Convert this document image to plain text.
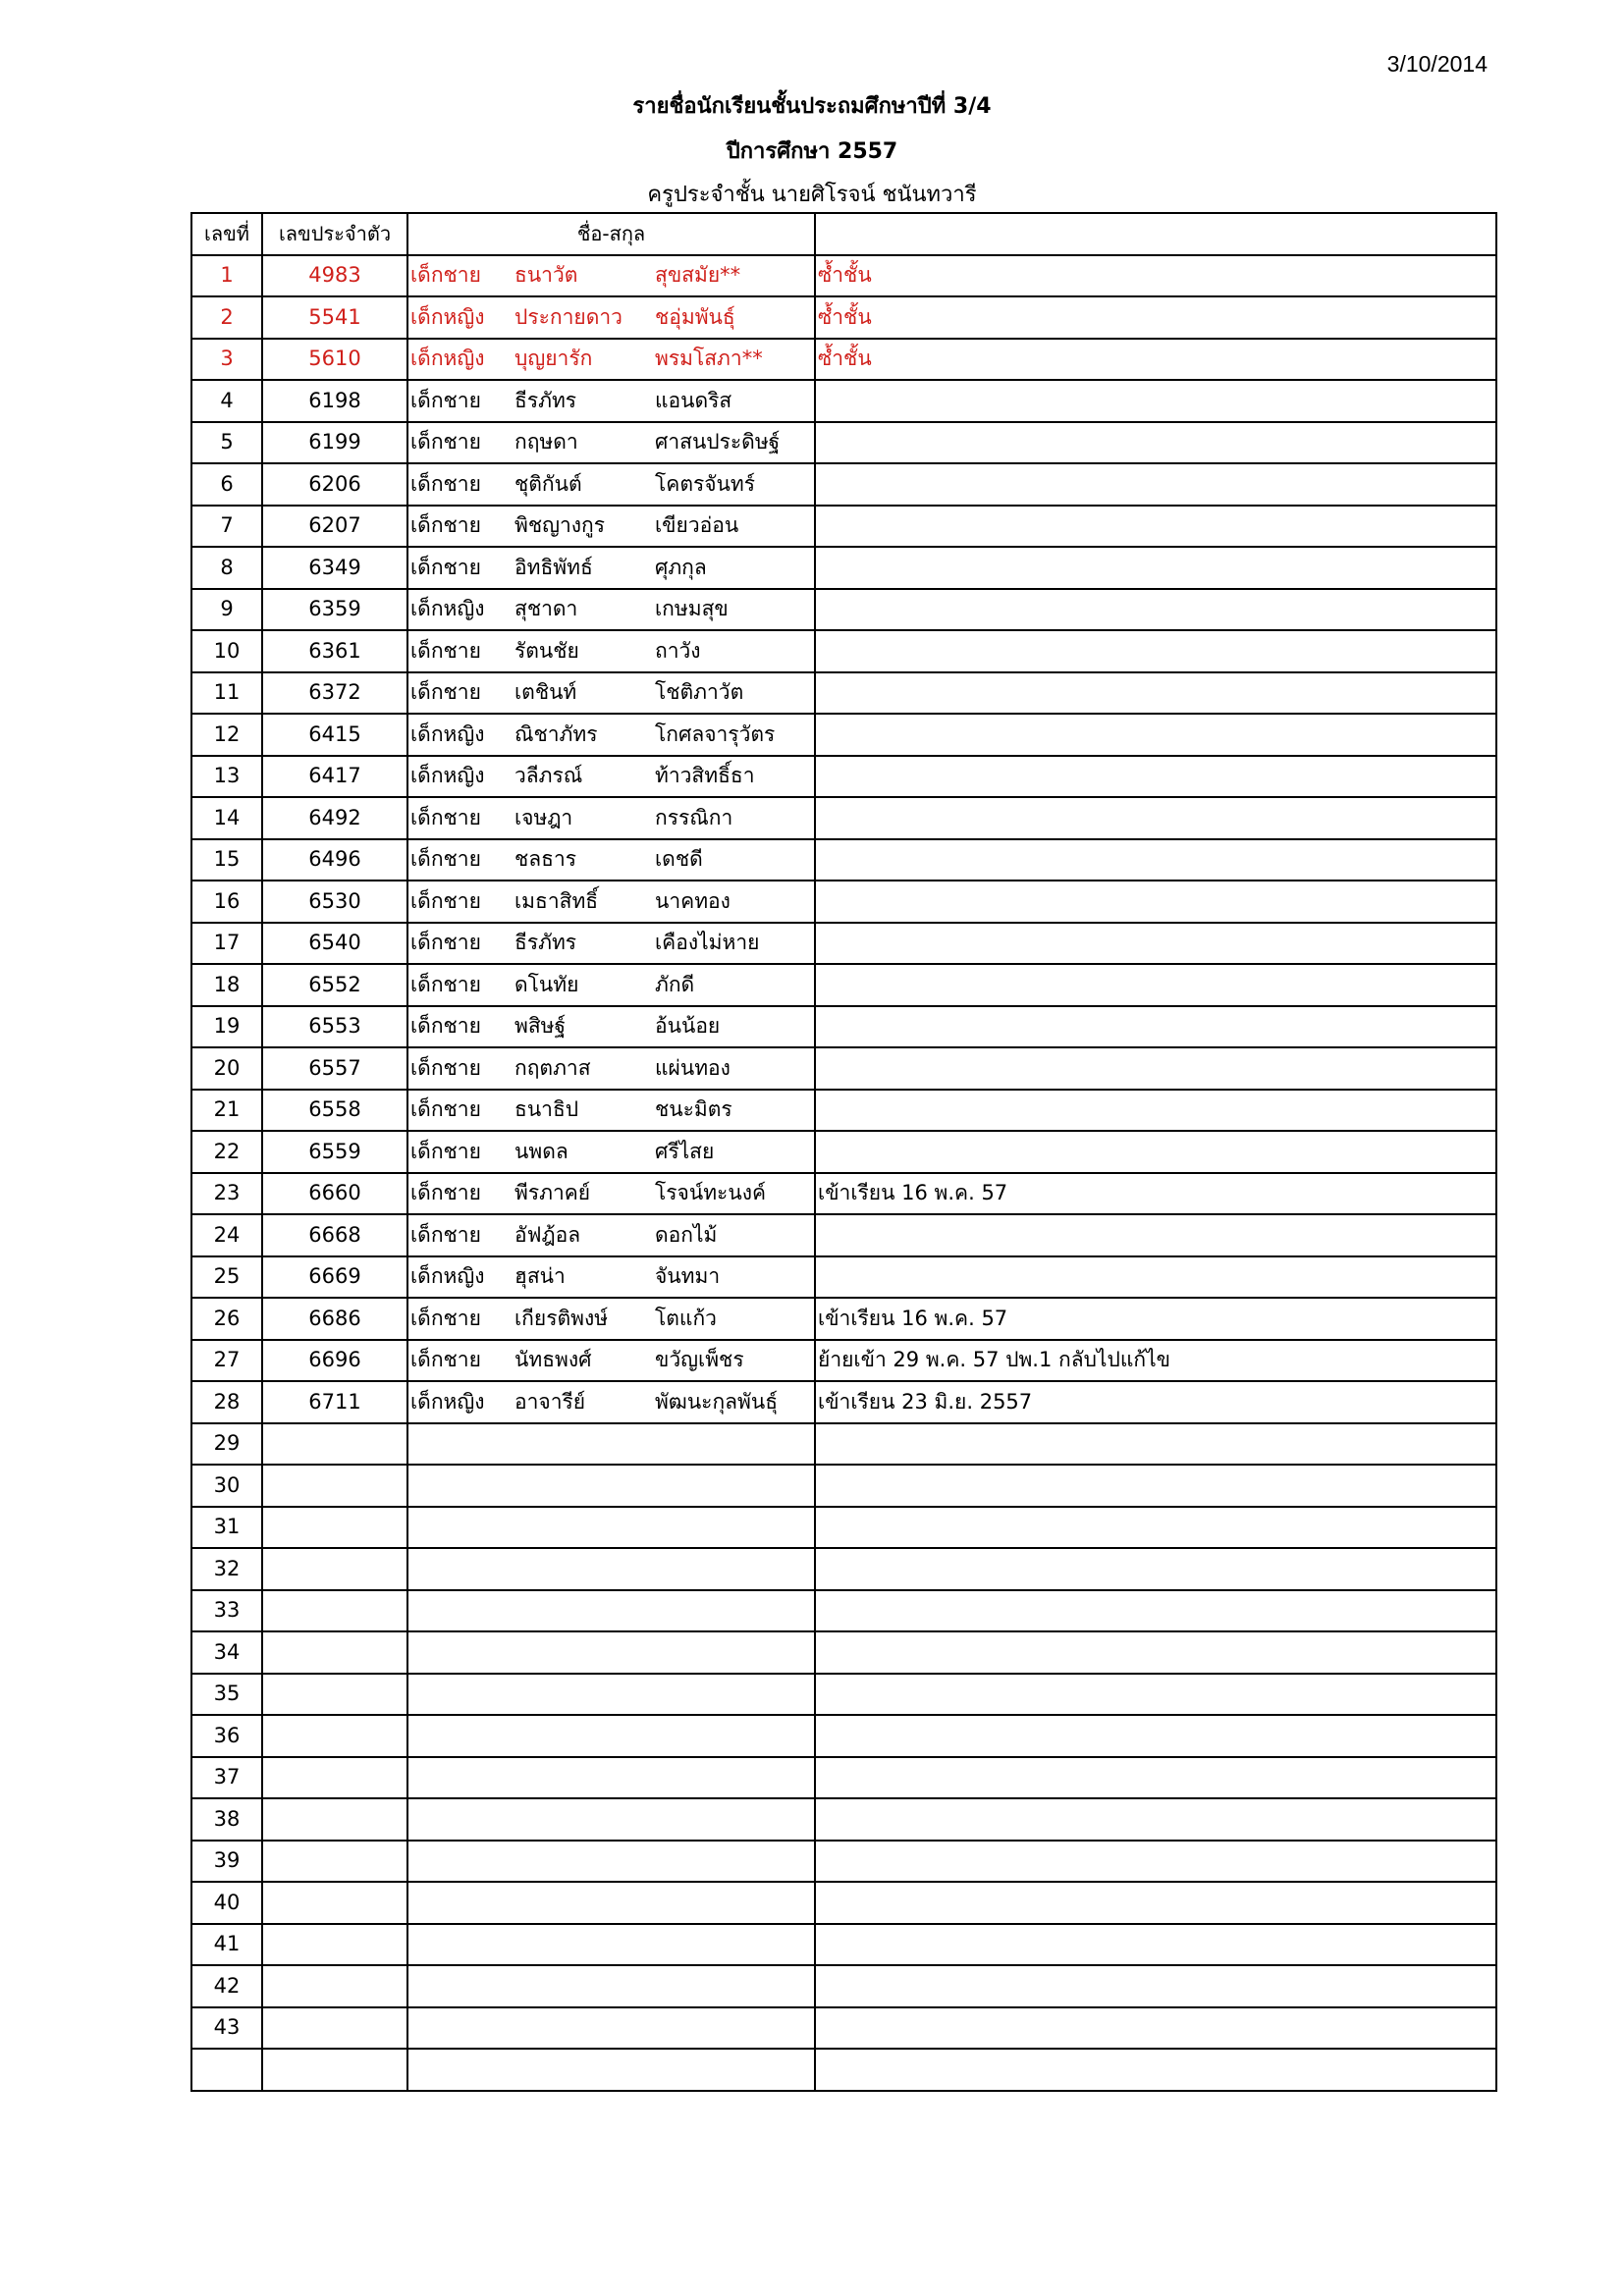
3/10/2014
รายชื่อนักเรียนชั้นประถมศึกษาปีที่ 3/4
ปีการศึกษา 2557
ครูประจำชั้น นายศิโรจน์ ชนันทวารี
เลขที่	เลขประจำตัว	ชื่อ-สกุล			
1	4983	เด็กชาย	ธนาวัต	สุขสมัย**	ซ้ำชั้น
2	5541	เด็กหญิง	ประกายดาว	ชอุ่มพันธุ์	ซ้ำชั้น
3	5610	เด็กหญิง	บุญยารัก	พรมโสภา**	ซ้ำชั้น
4	6198	เด็กชาย	ธีรภัทร	แอนดริส	
5	6199	เด็กชาย	กฤษดา	ศาสนประดิษฐ์	
6	6206	เด็กชาย	ชุติกันต์	โคตรจันทร์	
7	6207	เด็กชาย	พิชญางกูร	เขียวอ่อน	
8	6349	เด็กชาย	อิทธิพัทธ์	ศุภกุล	
9	6359	เด็กหญิง	สุชาดา	เกษมสุข	
10	6361	เด็กชาย	รัตนชัย	ถาวัง	
11	6372	เด็กชาย	เตชินท์	โชติภาวัต	
12	6415	เด็กหญิง	ณิชาภัทร	โกศลจารุวัตร	
13	6417	เด็กหญิง	วลีภรณ์	ท้าวสิทธิ์ธา	
14	6492	เด็กชาย	เจษฎา	กรรณิกา	
15	6496	เด็กชาย	ชลธาร	เดชดี	
16	6530	เด็กชาย	เมธาสิทธิ์	นาคทอง	
17	6540	เด็กชาย	ธีรภัทร	เคืองไม่หาย	
18	6552	เด็กชาย	ดโนทัย	ภักดี	
19	6553	เด็กชาย	พสิษฐ์	อ้นน้อย	
20	6557	เด็กชาย	กฤตภาส	แผ่นทอง	
21	6558	เด็กชาย	ธนาธิป	ชนะมิตร	
22	6559	เด็กชาย	นพดล	ศรีไสย	
23	6660	เด็กชาย	พีรภาคย์	โรจน์ทะนงค์	เข้าเรียน 16 พ.ค. 57
24	6668	เด็กชาย	อัฟฎ้อล	ดอกไม้	
25	6669	เด็กหญิง	ฮุสน่า	จันทมา	
26	6686	เด็กชาย	เกียรติพงษ์	โตแก้ว	เข้าเรียน 16 พ.ค. 57
27	6696	เด็กชาย	นัทธพงศ์	ขวัญเพ็ชร	ย้ายเข้า 29 พ.ค. 57 ปพ.1 กลับไปแก้ไข
28	6711	เด็กหญิง	อาจารีย์	พัฒนะกุลพันธุ์	เข้าเรียน 23 มิ.ย. 2557
29					
30					
31					
32					
33					
34					
35					
36					
37					
38					
39					
40					
41					
42					
43					
